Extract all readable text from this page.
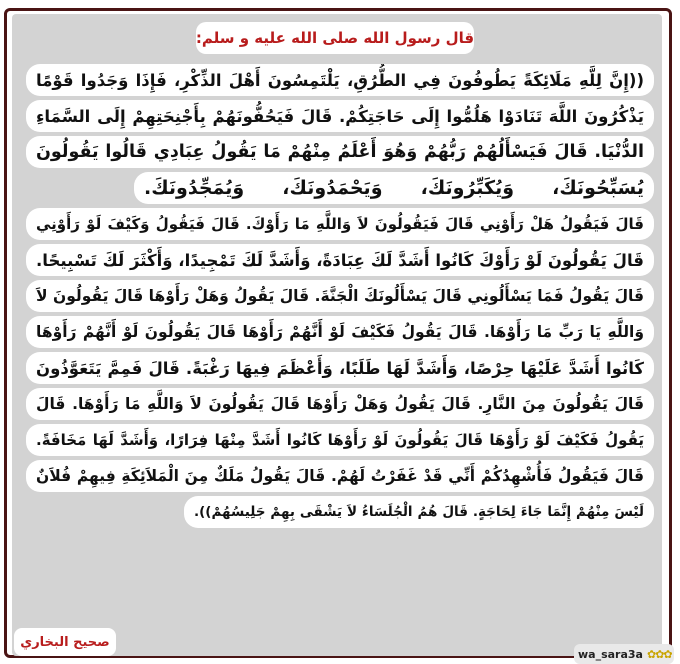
قال رسول الله صلى الله عليه و سلم:
((إِنَّ لِلَّهِ مَلَائِكَةً يَطُوفُونَ فِي الطُّرُقِ، يَلْتَمِسُونَ أَهْلَ الذِّكْرِ، فَإِذَا وَجَدُوا قَوْمًا
يَذْكُرُونَ اللَّهَ تَنَادَوْا هَلُمُّوا إِلَى حَاجَتِكُمْ. قَالَ فَيَحُفُّونَهُمْ بِأَجْنِحَتِهِمْ إِلَى السَّمَاءِ
الدُّنْيَا. قَالَ فَيَسْأَلُهُمْ رَبُّهُمْ وَهُوَ أَعْلَمُ مِنْهُمْ مَا يَقُولُ عِبَادِي قَالُوا يَقُولُونَ
يُسَبِّحُونَكَ، وَيُكَبِّرُونَكَ، وَيَحْمَدُونَكَ، وَيُمَجِّدُونَكَ.
قَالَ فَيَقُولُ هَلْ رَأَوْنِي قَالَ فَيَقُولُونَ لاَ وَاللَّهِ مَا رَأَوْكَ. قَالَ فَيَقُولُ وَكَيْفَ لَوْ رَأَوْنِي
قَالَ يَقُولُونَ لَوْ رَأَوْكَ كَانُوا أَشَدَّ لَكَ عِبَادَةً، وَأَشَدَّ لَكَ تَمْجِيدًا، وَأَكْثَرَ لَكَ تَسْبِيحًا.
قَالَ يَقُولُ فَمَا يَسْأَلُونِي قَالَ يَسْأَلُونَكَ الْجَنَّةَ. قَالَ يَقُولُ وَهَلْ رَأَوْهَا قَالَ يَقُولُونَ لاَ
وَاللَّهِ يَا رَبِّ مَا رَأَوْهَا. قَالَ يَقُولُ فَكَيْفَ لَوْ أَنَّهُمْ رَأَوْهَا قَالَ يَقُولُونَ لَوْ أَنَّهُمْ رَأَوْهَا
كَانُوا أَشَدَّ عَلَيْهَا حِرْصًا، وَأَشَدَّ لَهَا طَلَبًا، وَأَعْظَمَ فِيهَا رَغْبَةً. قَالَ فَمِمَّ يَتَعَوَّذُونَ
قَالَ يَقُولُونَ مِنَ النَّارِ. قَالَ يَقُولُ وَهَلْ رَأَوْهَا قَالَ يَقُولُونَ لاَ وَاللَّهِ مَا رَأَوْهَا. قَالَ
يَقُولُ فَكَيْفَ لَوْ رَأَوْهَا قَالَ يَقُولُونَ لَوْ رَأَوْهَا كَانُوا أَشَدَّ مِنْهَا فِرَارًا، وَأَشَدَّ لَهَا مَخَافَةً.
قَالَ فَيَقُولُ فَأُشْهِدُكُمْ أَنِّي قَدْ غَفَرْتُ لَهُمْ. قَالَ يَقُولُ مَلَكٌ مِنَ الْمَلاَئِكَةِ فِيهِمْ فُلاَنٌ
لَيْسَ مِنْهُمْ إِنَّمَا جَاءَ لِحَاجَةٍ. قَالَ هُمُ الْجُلَسَاءُ لاَ يَشْقَى بِهِمْ جَلِيسُهُمْ)).
صحيح البخاري
wa_sara3a ✿✿✿
